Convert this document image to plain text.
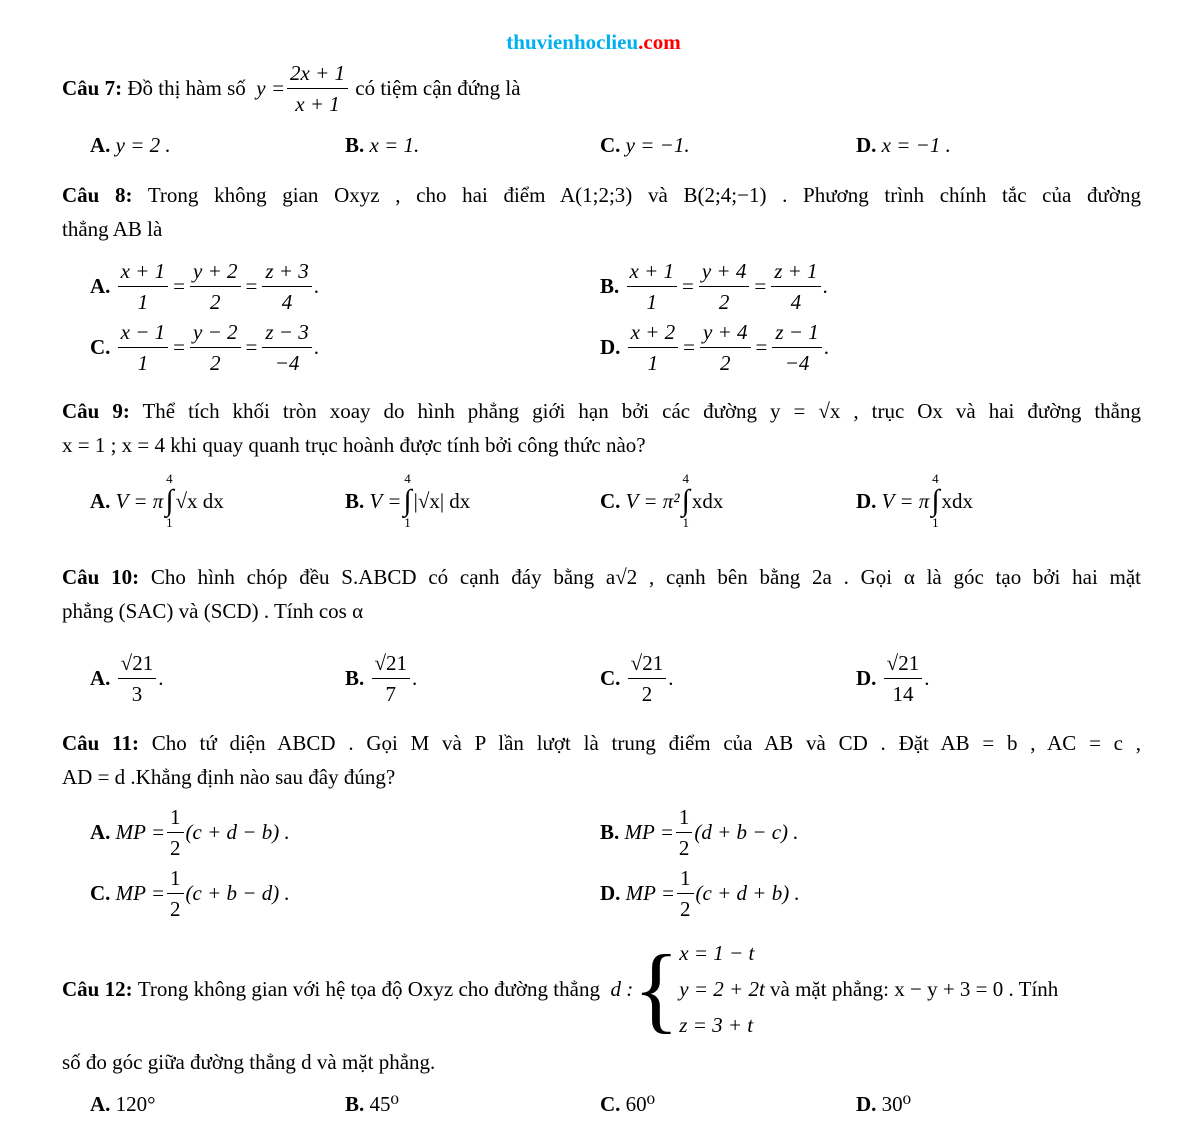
thuvienhoclieu.com
Câu 7:
Đồ thị hàm số
$y = \frac{2x + 1}{x + 1}$
có tiệm cận đứng là
A. y = 2 .	B. x = 1.	C. y = −1.	D. x = −1 .
Câu 8: Trong không gian Oxyz , cho hai điểm A(1;2;3) và B(2;4;−1) . Phương trình chính tắc của đường
thẳng AB là
A.
$\frac{x + 1}{1} = \frac{y + 2}{2} = \frac{z + 3}{4}$ .	B.
$\frac{x + 1}{1} = \frac{y + 4}{2} = \frac{z + 1}{4}$ .
C.
$\frac{x - 1}{1} = \frac{y - 2}{2} = \frac{z - 3}{-4}$ .	D.
$\frac{x + 2}{1} = \frac{y + 4}{2} = \frac{z - 1}{-4}$ .
Câu 9: Thể tích khối tròn xoay do hình phẳng giới hạn bởi các đường y = √x , trục Ox và hai đường thẳng
x = 1 ; x = 4 khi quay quanh trục hoành được tính bởi công thức nào?
A.
V = π
4
∫
1
√x dx	B.
V =
4
∫
1
|√x| dx	C.
V = π²
4
∫
1
xdx	D.
V = π
4
∫
1
xdx
Câu 10: Cho hình chóp đều S.ABCD có cạnh đáy bằng a√2 , cạnh bên bằng 2a . Gọi α là góc tạo bởi hai mặt
phẳng (SAC) và (SCD) . Tính cos α
A.
$\frac{√21}{3}$ .	B.
$\frac{√21}{7}$ .	C.
$\frac{√21}{2}$ .	D.
$\frac{√21}{14}$ .
Câu 11: Cho tứ diện ABCD . Gọi M và P lần lượt là trung điểm của AB và CD . Đặt AB = b , AC = c ,
AD = d .Khẳng định nào sau đây đúng?
A.
MP = $\frac{1}{2} (c + d - b)$ .	B.
MP = $\frac{1}{2} (d + b - c)$ .
C.
MP = $\frac{1}{2} (c + b - d)$ .	D.
MP = $\frac{1}{2} (c + d + b)$ .
Câu 12:
Trong không gian với hệ tọa độ Oxyz cho đường thẳng
d : { x = 1 − t
y = 2 + 2t
z = 3 + t

và mặt phẳng: x − y + 3 = 0 . Tính
số đo góc giữa đường thẳng d và mặt phẳng.
A. 120°	B. 45⁰	C. 60⁰	D. 30⁰
